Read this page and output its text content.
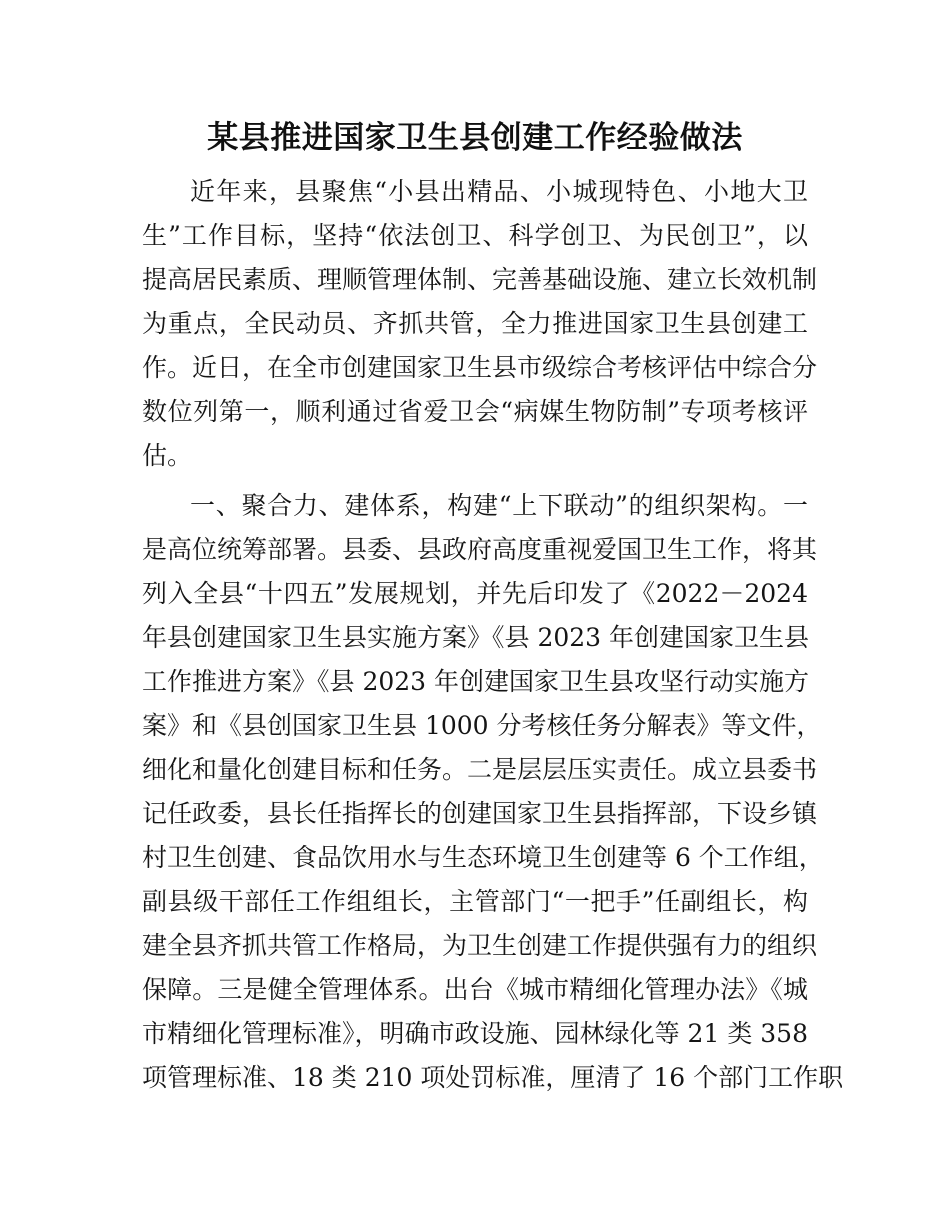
某县推进国家卫生县创建工作经验做法
近年来，县聚焦“小县出精品、小城现特色、小地大卫
生”工作目标，坚持“依法创卫、科学创卫、为民创卫”，以
提高居民素质、理顺管理体制、完善基础设施、建立长效机制
为重点，全民动员、齐抓共管，全力推进国家卫生县创建工
作。近日，在全市创建国家卫生县市级综合考核评估中综合分
数位列第一，顺利通过省爱卫会“病媒生物防制”专项考核评
估。
一、聚合力、建体系，构建“上下联动”的组织架构。一
是高位统筹部署。县委、县政府高度重视爱国卫生工作，将其
列入全县“十四五”发展规划，并先后印发了《2022－2024
年县创建国家卫生县实施方案》《县 2023 年创建国家卫生县
工作推进方案》《县 2023 年创建国家卫生县攻坚行动实施方
案》和《县创国家卫生县 1000 分考核任务分解表》等文件，
细化和量化创建目标和任务。二是层层压实责任。成立县委书
记任政委，县长任指挥长的创建国家卫生县指挥部，下设乡镇
村卫生创建、食品饮用水与生态环境卫生创建等 6 个工作组，
副县级干部任工作组组长，主管部门“一把手”任副组长，构
建全县齐抓共管工作格局，为卫生创建工作提供强有力的组织
保障。三是健全管理体系。出台《城市精细化管理办法》《城
市精细化管理标准》，明确市政设施、园林绿化等 21 类 358
项管理标准、18 类 210 项处罚标准，厘清了 16 个部门工作职
